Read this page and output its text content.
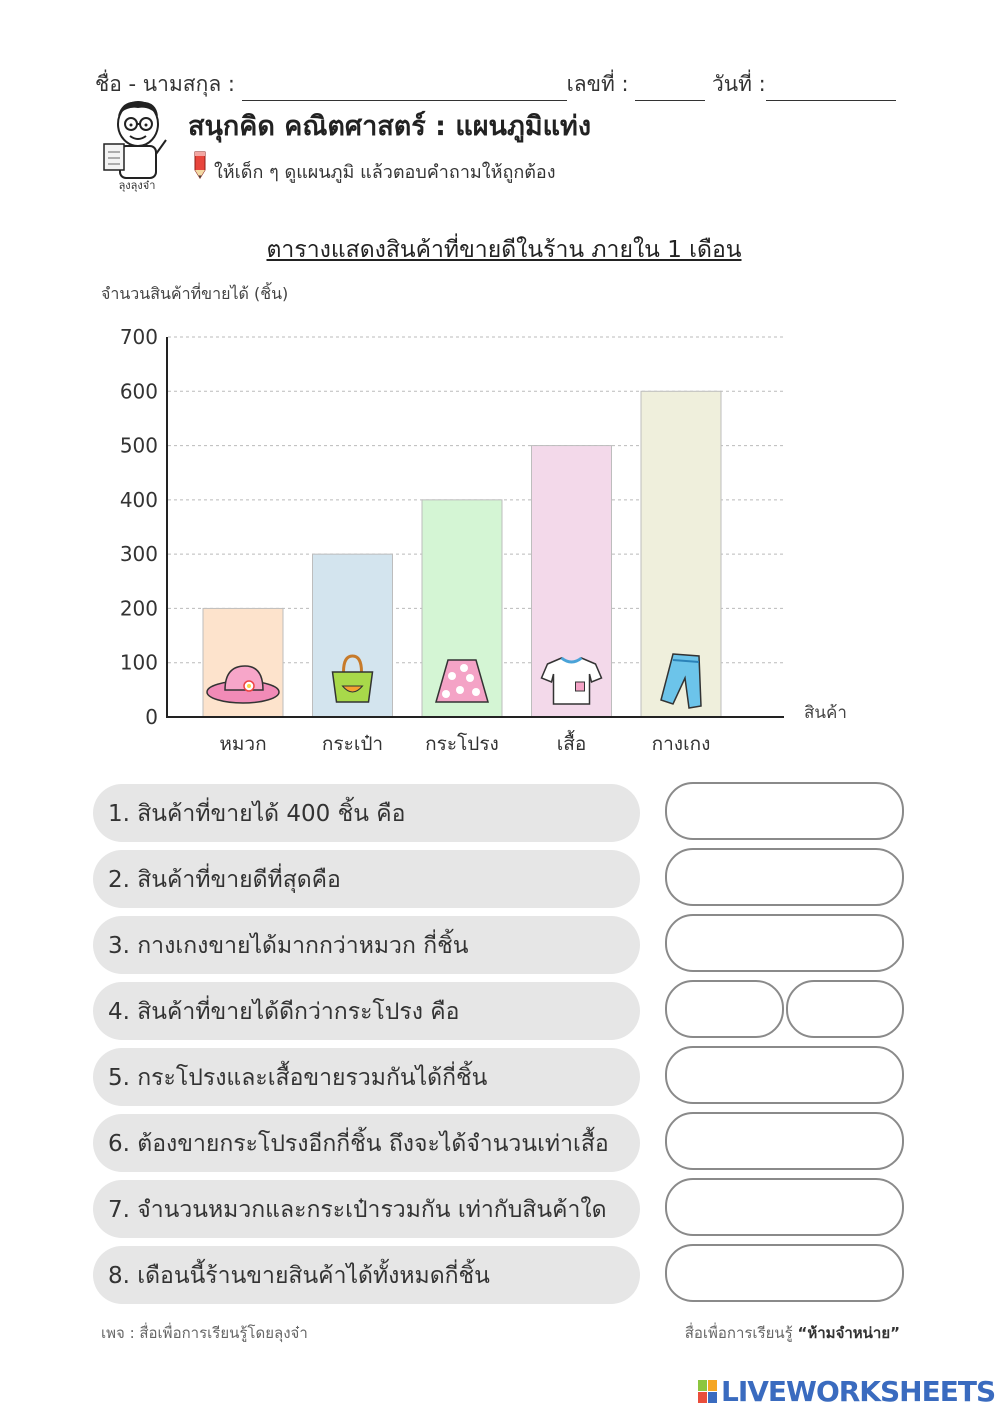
ชื่อ - นามสกุล :	เลขที่ :	วันที่ :
ลุงลุงจ๋า
สนุกคิด คณิตศาสตร์ : แผนภูมิแท่ง
ให้เด็ก ๆ ดูแผนภูมิ แล้วตอบคำถามให้ถูกต้อง
ตารางแสดงสินค้าที่ขายดีในร้าน ภายใน 1 เดือน
จำนวนสินค้าที่ขายได้ (ชิ้น)
0
100
200
300
400
500
600
700
หมวก	กระเป๋า กระโปรง	เสื้อ	กางเกง
สินค้า
1. สินค้าที่ขายได้ 400 ชิ้น คือ
2. สินค้าที่ขายดีที่สุดคือ
3. กางเกงขายได้มากกว่าหมวก กี่ชิ้น
4. สินค้าที่ขายได้ดีกว่ากระโปรง คือ
5. กระโปรงและเสื้อขายรวมกันได้กี่ชิ้น
6. ต้องขายกระโปรงอีกกี่ชิ้น ถึงจะได้จำนวนเท่าเสื้อ
7. จำนวนหมวกและกระเป๋ารวมกัน เท่ากับสินค้าใด
8. เดือนนี้ร้านขายสินค้าได้ทั้งหมดกี่ชิ้น
เพจ : สื่อเพื่อการเรียนรู้โดยลุงจ๋า	สื่อเพื่อการเรียนรู้ “ห้ามจำหน่าย”
LIVEWORKSHEETS
